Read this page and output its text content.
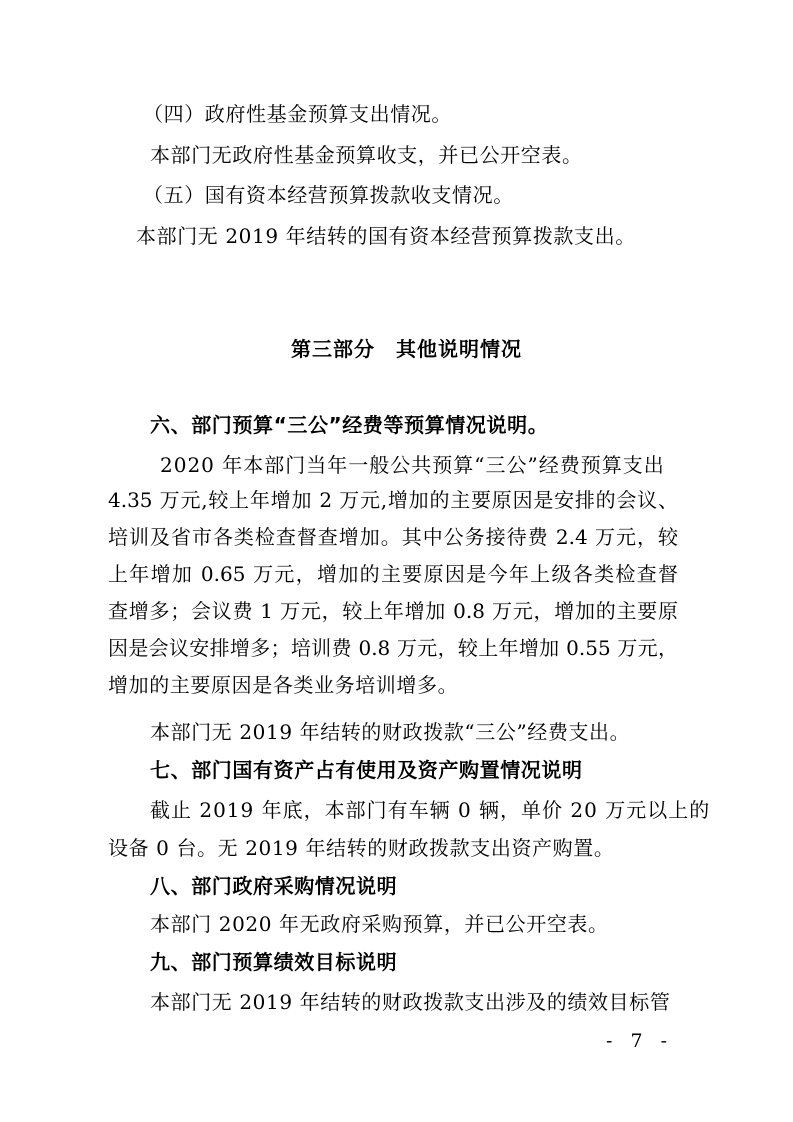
（四）政府性基金预算支出情况。
本部门无政府性基金预算收支，并已公开空表。
（五）国有资本经营预算拨款收支情况。
本部门无 2019 年结转的国有资本经营预算拨款支出。
第三部分　其他说明情况
六、部门预算“三公”经费等预算情况说明。
2020 年本部门当年一般公共预算“三公”经费预算支出
4.35 万元,较上年增加 2 万元,增加的主要原因是安排的会议、
培训及省市各类检查督查增加。其中公务接待费 2.4 万元，较
上年增加 0.65 万元，增加的主要原因是今年上级各类检查督
查增多；会议费 1 万元，较上年增加 0.8 万元，增加的主要原
因是会议安排增多；培训费 0.8 万元，较上年增加 0.55 万元，
增加的主要原因是各类业务培训增多。
本部门无 2019 年结转的财政拨款“三公”经费支出。
七、部门国有资产占有使用及资产购置情况说明
截止 2019 年底，本部门有车辆 0 辆，单价 20 万元以上的
设备 0 台。无 2019 年结转的财政拨款支出资产购置。
八、部门政府采购情况说明
本部门 2020 年无政府采购预算，并已公开空表。
九、部门预算绩效目标说明
本部门无 2019 年结转的财政拨款支出涉及的绩效目标管
- 7 -
